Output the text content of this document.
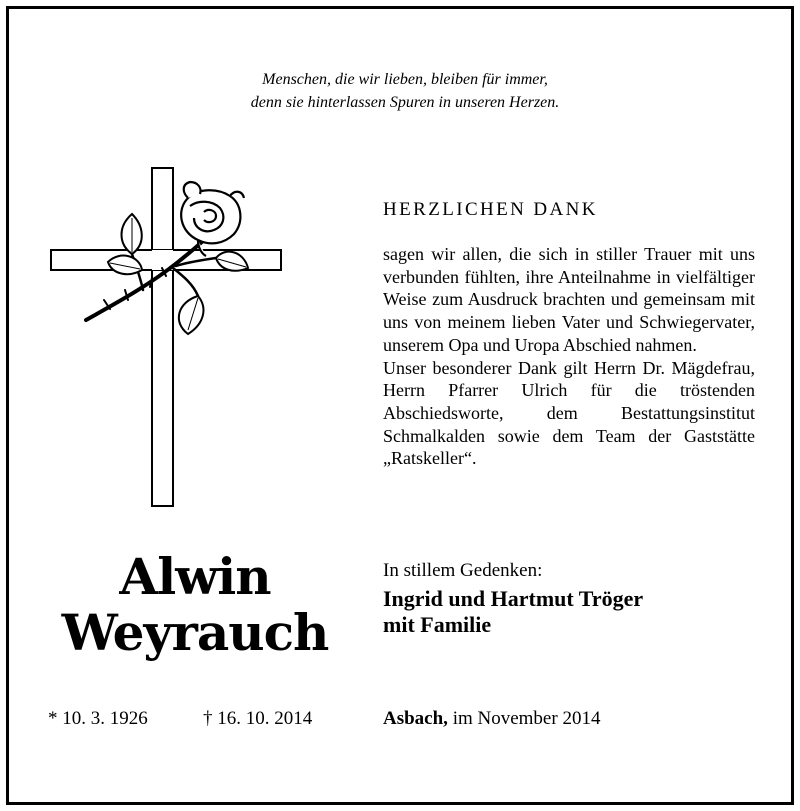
Menschen, die wir lieben, bleiben für immer,
denn sie hinterlassen Spuren in unseren Herzen.
HERZLICHEN DANK

sagen wir allen, die sich in stiller Trauer mit uns verbunden fühlten, ihre Anteilnahme in vielfältiger Weise zum Ausdruck brachten und gemeinsam mit uns von meinem lieben Vater und Schwiegervater, unserem Opa und Uropa Abschied nahmen.

Unser besonderer Dank gilt Herrn Dr. Mägdefrau, Herrn Pfarrer Ulrich für die tröstenden Abschiedsworte, dem Bestattungsinstitut Schmalkalden sowie dem Team der Gaststätte „Ratskeller“.

Alwin
Weyrauch
In stillem Gedenken:
Ingrid und Hartmut Tröger
mit Familie
* 10. 3. 1926	† 16. 10. 2014	Asbach, im November 2014
